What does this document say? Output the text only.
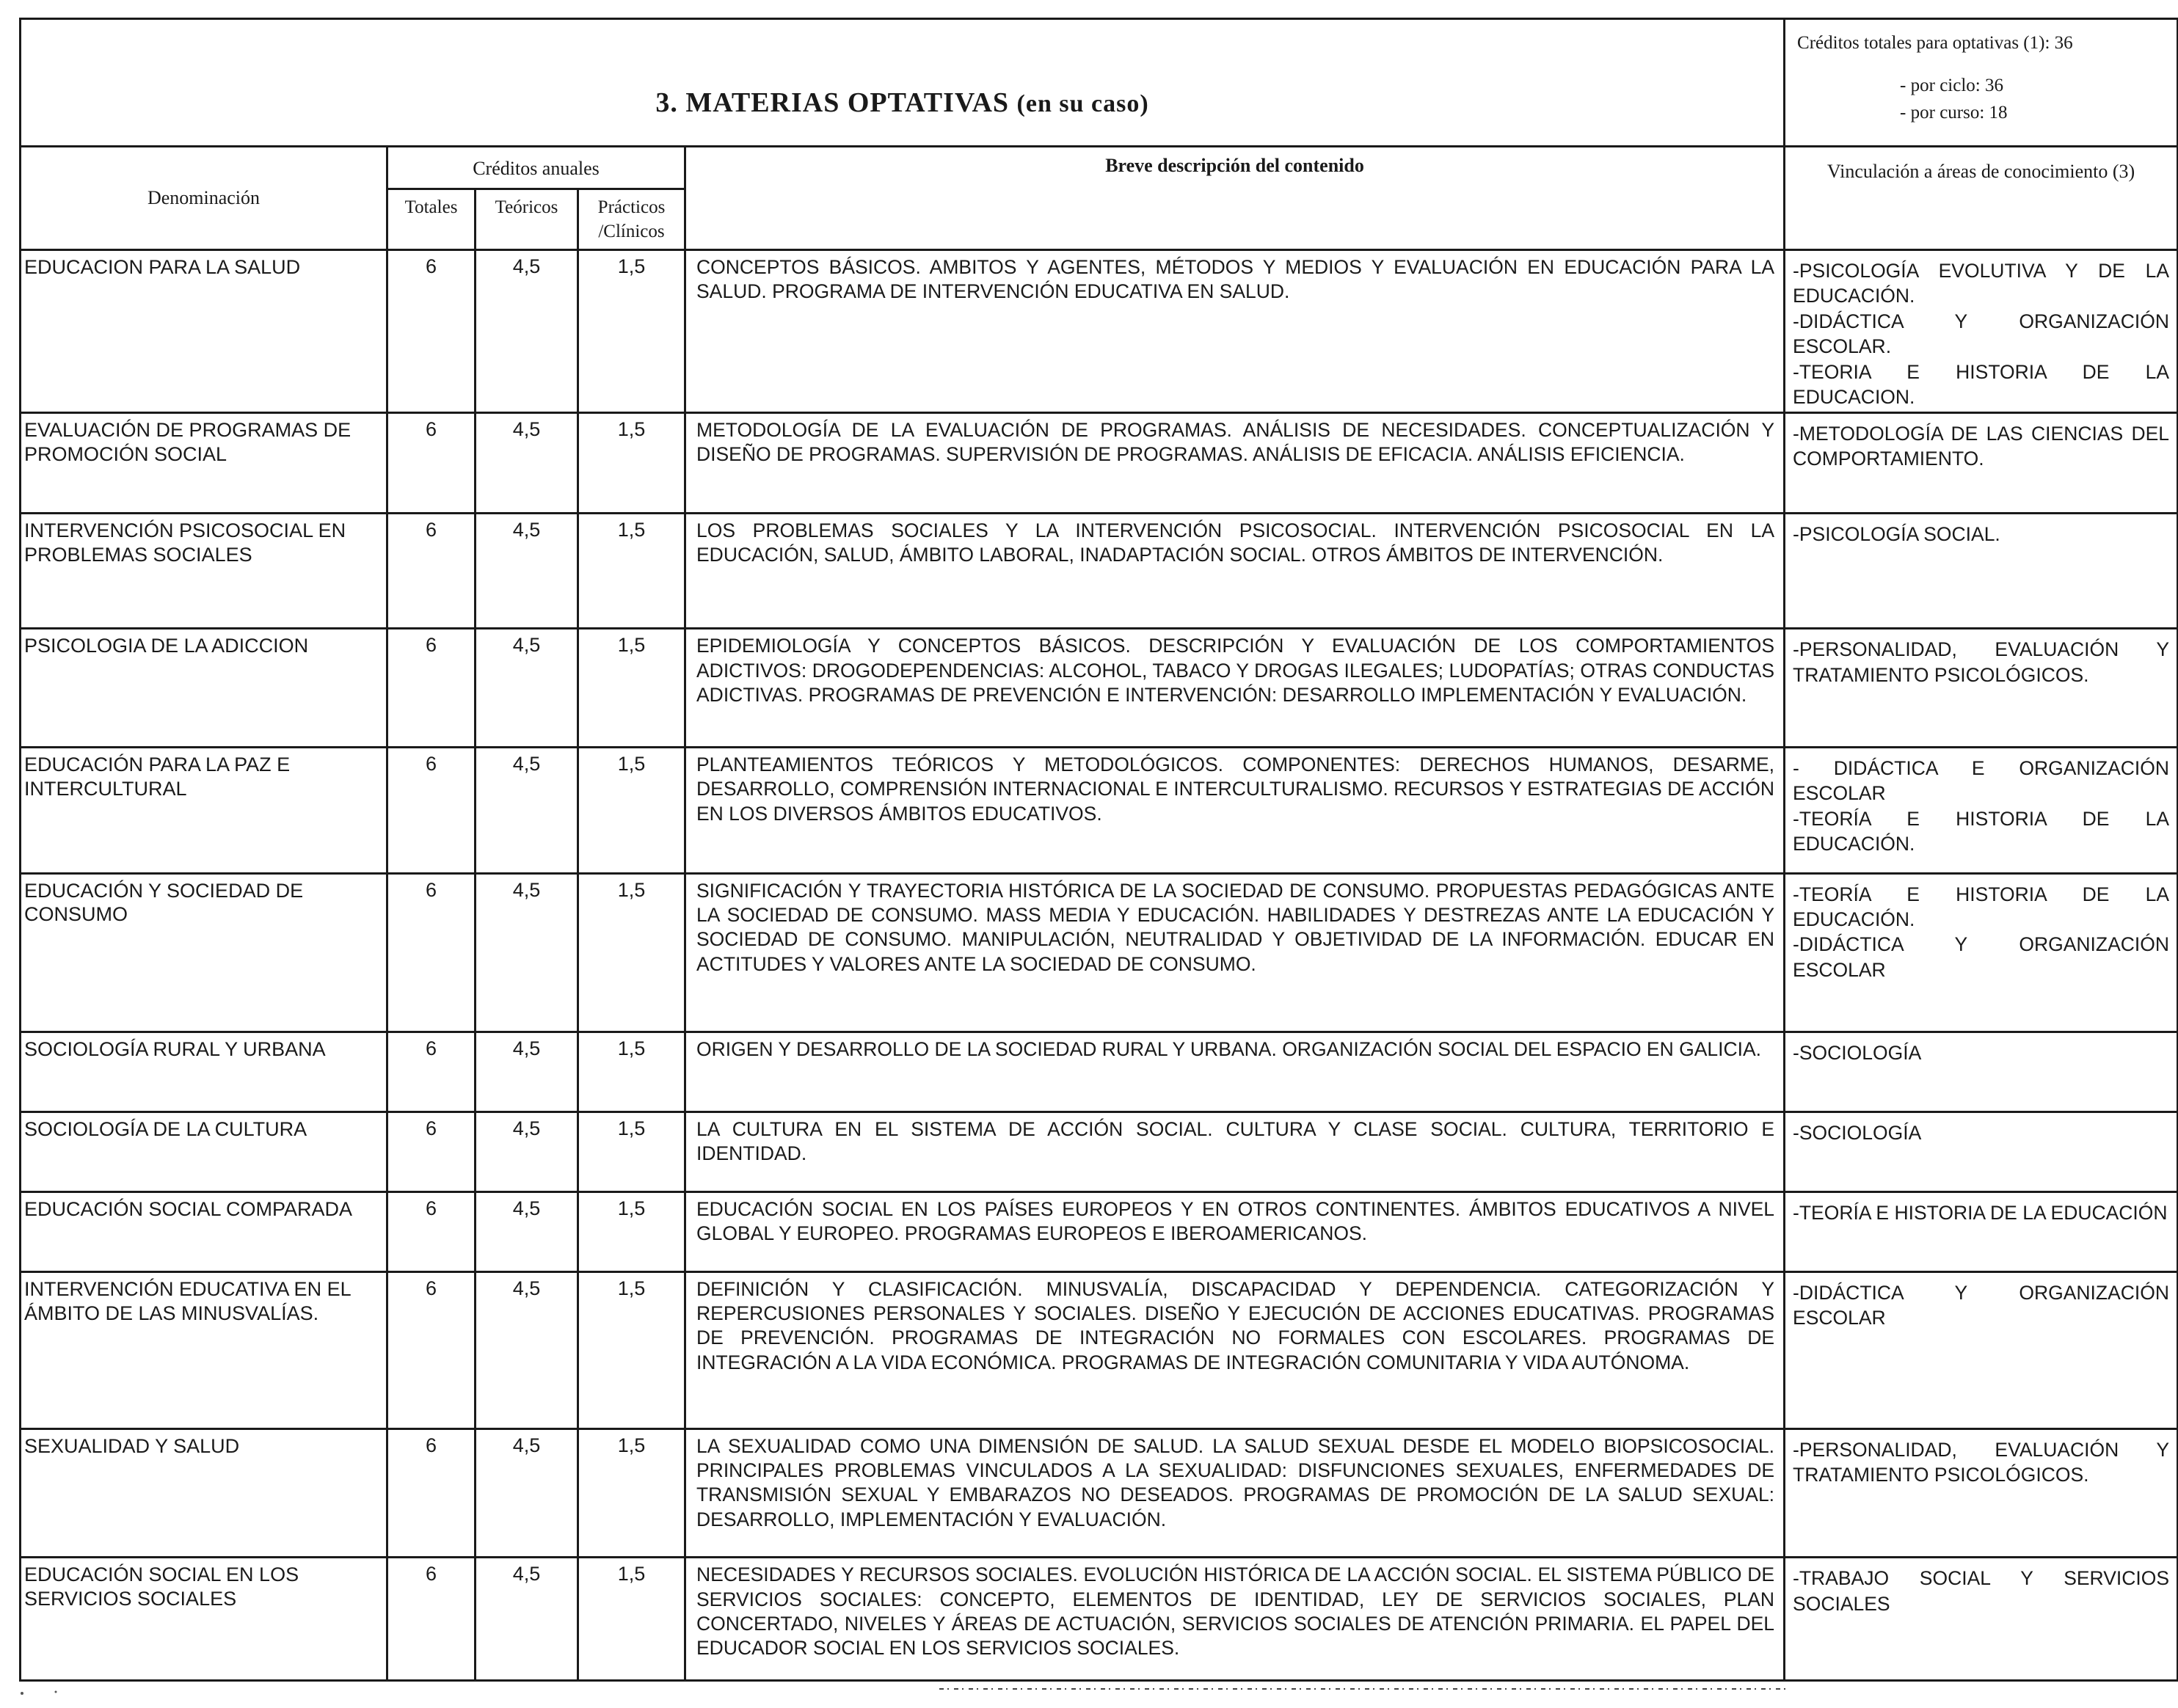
3. MATERIAS OPTATIVAS (en su caso)					Créditos totales para optativas (1): 36
- por ciclo: 36
- por curso: 18

Denominación	Créditos anuales			Breve descripción del contenido	Vinculación a áreas de conocimiento (3)
	Totales	Teóricos	Prácticos /Clínicos		
EDUCACION PARA LA SALUD	6	4,5	1,5	CONCEPTOS BÁSICOS. AMBITOS Y AGENTES, MÉTODOS Y MEDIOS Y EVALUACIÓN EN EDUCACIÓN PARA LA SALUD. PROGRAMA DE INTERVENCIÓN EDUCATIVA EN SALUD.	-PSICOLOGÍA EVOLUTIVA Y DE LA EDUCACIÓN.
-DIDÁCTICA Y ORGANIZACIÓN ESCOLAR.
-TEORIA E HISTORIA DE LA EDUCACION.
EVALUACIÓN DE PROGRAMAS DE PROMOCIÓN SOCIAL	6	4,5	1,5	METODOLOGÍA DE LA EVALUACIÓN DE PROGRAMAS. ANÁLISIS DE NECESIDADES. CONCEPTUALIZACIÓN Y DISEÑO DE PROGRAMAS. SUPERVISIÓN DE PROGRAMAS. ANÁLISIS DE EFICACIA. ANÁLISIS EFICIENCIA.	-METODOLOGÍA DE LAS CIENCIAS DEL COMPORTAMIENTO.
INTERVENCIÓN PSICOSOCIAL EN PROBLEMAS SOCIALES	6	4,5	1,5	LOS PROBLEMAS SOCIALES Y LA INTERVENCIÓN PSICOSOCIAL. INTERVENCIÓN PSICOSOCIAL EN LA EDUCACIÓN, SALUD, ÁMBITO LABORAL, INADAPTACIÓN SOCIAL. OTROS ÁMBITOS DE INTERVENCIÓN.	-PSICOLOGÍA SOCIAL.
PSICOLOGIA DE LA ADICCION	6	4,5	1,5	EPIDEMIOLOGÍA Y CONCEPTOS BÁSICOS. DESCRIPCIÓN Y EVALUACIÓN DE LOS COMPORTAMIENTOS ADICTIVOS: DROGODEPENDENCIAS: ALCOHOL, TABACO Y DROGAS ILEGALES; LUDOPATÍAS; OTRAS CONDUCTAS ADICTIVAS. PROGRAMAS DE PREVENCIÓN E INTERVENCIÓN: DESARROLLO IMPLEMENTACIÓN Y EVALUACIÓN.	-PERSONALIDAD, EVALUACIÓN Y TRATAMIENTO PSICOLÓGICOS.
EDUCACIÓN PARA LA PAZ E INTERCULTURAL	6	4,5	1,5	PLANTEAMIENTOS TEÓRICOS Y METODOLÓGICOS. COMPONENTES: DERECHOS HUMANOS, DESARME, DESARROLLO, COMPRENSIÓN INTERNACIONAL E INTERCULTURALISMO. RECURSOS Y ESTRATEGIAS DE ACCIÓN EN LOS DIVERSOS ÁMBITOS EDUCATIVOS.	- DIDÁCTICA E ORGANIZACIÓN ESCOLAR
-TEORÍA E HISTORIA DE LA EDUCACIÓN.
EDUCACIÓN Y SOCIEDAD DE CONSUMO	6	4,5	1,5	SIGNIFICACIÓN Y TRAYECTORIA HISTÓRICA DE LA SOCIEDAD DE CONSUMO. PROPUESTAS PEDAGÓGICAS ANTE LA SOCIEDAD DE CONSUMO. MASS MEDIA Y EDUCACIÓN. HABILIDADES Y DESTREZAS ANTE LA EDUCACIÓN Y SOCIEDAD DE CONSUMO. MANIPULACIÓN, NEUTRALIDAD Y OBJETIVIDAD DE LA INFORMACIÓN. EDUCAR EN ACTITUDES Y VALORES ANTE LA SOCIEDAD DE CONSUMO.	-TEORÍA E HISTORIA DE LA EDUCACIÓN.
-DIDÁCTICA Y ORGANIZACIÓN ESCOLAR
SOCIOLOGÍA RURAL Y URBANA	6	4,5	1,5	ORIGEN Y DESARROLLO DE LA SOCIEDAD RURAL Y URBANA. ORGANIZACIÓN SOCIAL DEL ESPACIO EN GALICIA.	-SOCIOLOGÍA
SOCIOLOGÍA DE LA CULTURA	6	4,5	1,5	LA CULTURA EN EL SISTEMA DE ACCIÓN SOCIAL. CULTURA Y CLASE SOCIAL. CULTURA, TERRITORIO E IDENTIDAD.	-SOCIOLOGÍA
EDUCACIÓN SOCIAL COMPARADA	6	4,5	1,5	EDUCACIÓN SOCIAL EN LOS PAÍSES EUROPEOS Y EN OTROS CONTINENTES. ÁMBITOS EDUCATIVOS A NIVEL GLOBAL Y EUROPEO. PROGRAMAS EUROPEOS E IBEROAMERICANOS.	-TEORÍA E HISTORIA DE LA EDUCACIÓN
INTERVENCIÓN EDUCATIVA EN EL ÁMBITO DE LAS MINUSVALÍAS.	6	4,5	1,5	DEFINICIÓN Y CLASIFICACIÓN. MINUSVALÍA, DISCAPACIDAD Y DEPENDENCIA. CATEGORIZACIÓN Y REPERCUSIONES PERSONALES Y SOCIALES. DISEÑO Y EJECUCIÓN DE ACCIONES EDUCATIVAS. PROGRAMAS DE PREVENCIÓN. PROGRAMAS DE INTEGRACIÓN NO FORMALES CON ESCOLARES. PROGRAMAS DE INTEGRACIÓN A LA VIDA ECONÓMICA. PROGRAMAS DE INTEGRACIÓN COMUNITARIA Y VIDA AUTÓNOMA.	-DIDÁCTICA Y ORGANIZACIÓN ESCOLAR
SEXUALIDAD Y SALUD	6	4,5	1,5	LA SEXUALIDAD COMO UNA DIMENSIÓN DE SALUD. LA SALUD SEXUAL DESDE EL MODELO BIOPSICOSOCIAL. PRINCIPALES PROBLEMAS VINCULADOS A LA SEXUALIDAD: DISFUNCIONES SEXUALES, ENFERMEDADES DE TRANSMISIÓN SEXUAL Y EMBARAZOS NO DESEADOS. PROGRAMAS DE PROMOCIÓN DE LA SALUD SEXUAL: DESARROLLO, IMPLEMENTACIÓN Y EVALUACIÓN.	-PERSONALIDAD, EVALUACIÓN Y TRATAMIENTO PSICOLÓGICOS.
EDUCACIÓN SOCIAL EN LOS SERVICIOS SOCIALES	6	4,5	1,5	NECESIDADES Y RECURSOS SOCIALES. EVOLUCIÓN HISTÓRICA DE LA ACCIÓN SOCIAL. EL SISTEMA PÚBLICO DE SERVICIOS SOCIALES: CONCEPTO, ELEMENTOS DE IDENTIDAD, LEY DE SERVICIOS SOCIALES, PLAN CONCERTADO, NIVELES Y ÁREAS DE ACTUACIÓN, SERVICIOS SOCIALES DE ATENCIÓN PRIMARIA. EL PAPEL DEL EDUCADOR SOCIAL EN LOS SERVICIOS SOCIALES.	-TRABAJO SOCIAL Y SERVICIOS SOCIALES
